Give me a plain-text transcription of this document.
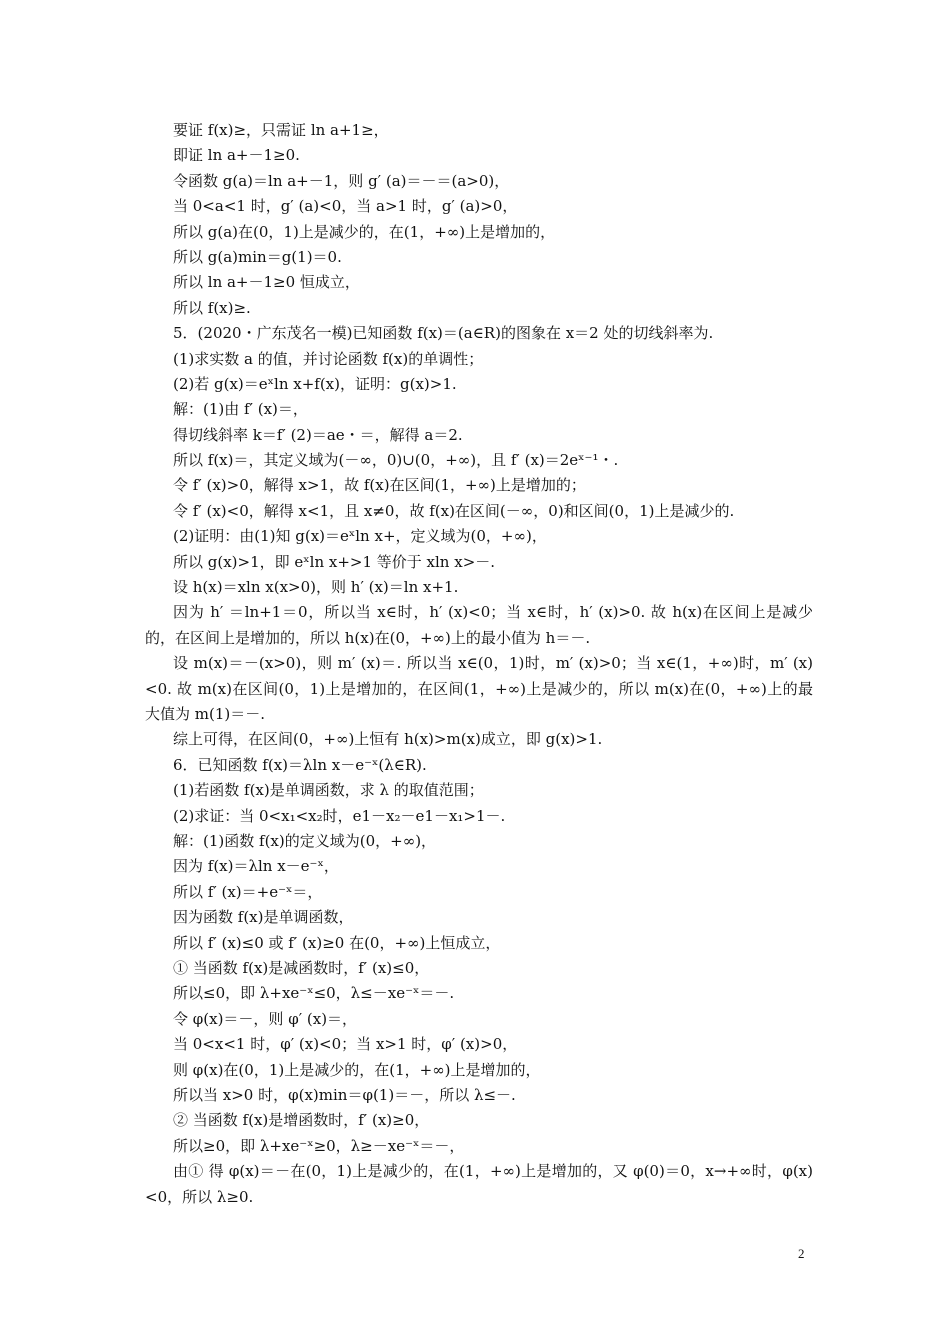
要证 f(x)≥，只需证 ln a+1≥，
即证 ln a+－1≥0.
令函数 g(a)＝ln a+－1，则 g′ (a)＝－＝(a>0)，
当 0<a<1 时，g′ (a)<0，当 a>1 时，g′ (a)>0，
所以 g(a)在(0，1)上是减少的，在(1，+∞)上是增加的，
所以 g(a)min＝g(1)＝0.
所以 ln a+－1≥0 恒成立，
所以 f(x)≥.
5．(2020・广东茂名一模)已知函数 f(x)＝(a∈R)的图象在 x＝2 处的切线斜率为.
(1)求实数 a 的值，并讨论函数 f(x)的单调性；
(2)若 g(x)＝eˣln x+f(x)，证明：g(x)>1.
解：(1)由 f′ (x)＝，
得切线斜率 k＝f′ (2)＝ae・＝，解得 a＝2.
所以 f(x)＝，其定义域为(－∞，0)∪(0，+∞)，且 f′ (x)＝2eˣ⁻¹・.
令 f′ (x)>0，解得 x>1，故 f(x)在区间(1，+∞)上是增加的；
令 f′ (x)<0，解得 x<1，且 x≠0，故 f(x)在区间(－∞，0)和区间(0，1)上是减少的.
(2)证明：由(1)知 g(x)＝eˣln x+，定义域为(0，+∞)，
所以 g(x)>1，即 eˣln x+>1 等价于 xln x>－.
设 h(x)＝xln x(x>0)，则 h′ (x)＝ln x+1.
因为 h′ ＝ln+1＝0，所以当 x∈时，h′ (x)<0；当 x∈时，h′ (x)>0. 故 h(x)在区间上是减少的，在区间上是增加的，所以 h(x)在(0，+∞)上的最小值为 h＝－.
设 m(x)＝－(x>0)，则 m′ (x)＝. 所以当 x∈(0，1)时，m′ (x)>0；当 x∈(1，+∞)时，m′ (x)<0. 故 m(x)在区间(0，1)上是增加的，在区间(1，+∞)上是减少的，所以 m(x)在(0，+∞)上的最大值为 m(1)＝－.
综上可得，在区间(0，+∞)上恒有 h(x)>m(x)成立，即 g(x)>1.
6．已知函数 f(x)＝λln x－e⁻ˣ(λ∈R).
(1)若函数 f(x)是单调函数，求 λ 的取值范围；
(2)求证：当 0<x₁<x₂时，e1－x₂－e1－x₁>1－.
解：(1)函数 f(x)的定义域为(0，+∞)，
因为 f(x)＝λln x－e⁻ˣ，
所以 f′ (x)＝+e⁻ˣ＝，
因为函数 f(x)是单调函数，
所以 f′ (x)≤0 或 f′ (x)≥0 在(0，+∞)上恒成立，
① 当函数 f(x)是减函数时，f′ (x)≤0，
所以≤0，即 λ+xe⁻ˣ≤0，λ≤－xe⁻ˣ＝－.
令 φ(x)＝－，则 φ′ (x)＝，
当 0<x<1 时，φ′ (x)<0；当 x>1 时，φ′ (x)>0，
则 φ(x)在(0，1)上是减少的，在(1，+∞)上是增加的，
所以当 x>0 时，φ(x)min＝φ(1)＝－，所以 λ≤－.
② 当函数 f(x)是增函数时，f′ (x)≥0，
所以≥0，即 λ+xe⁻ˣ≥0，λ≥－xe⁻ˣ＝－，
由① 得 φ(x)＝－在(0，1)上是减少的，在(1，+∞)上是增加的，又 φ(0)＝0，x→+∞时，φ(x)<0，所以 λ≥0.
2
